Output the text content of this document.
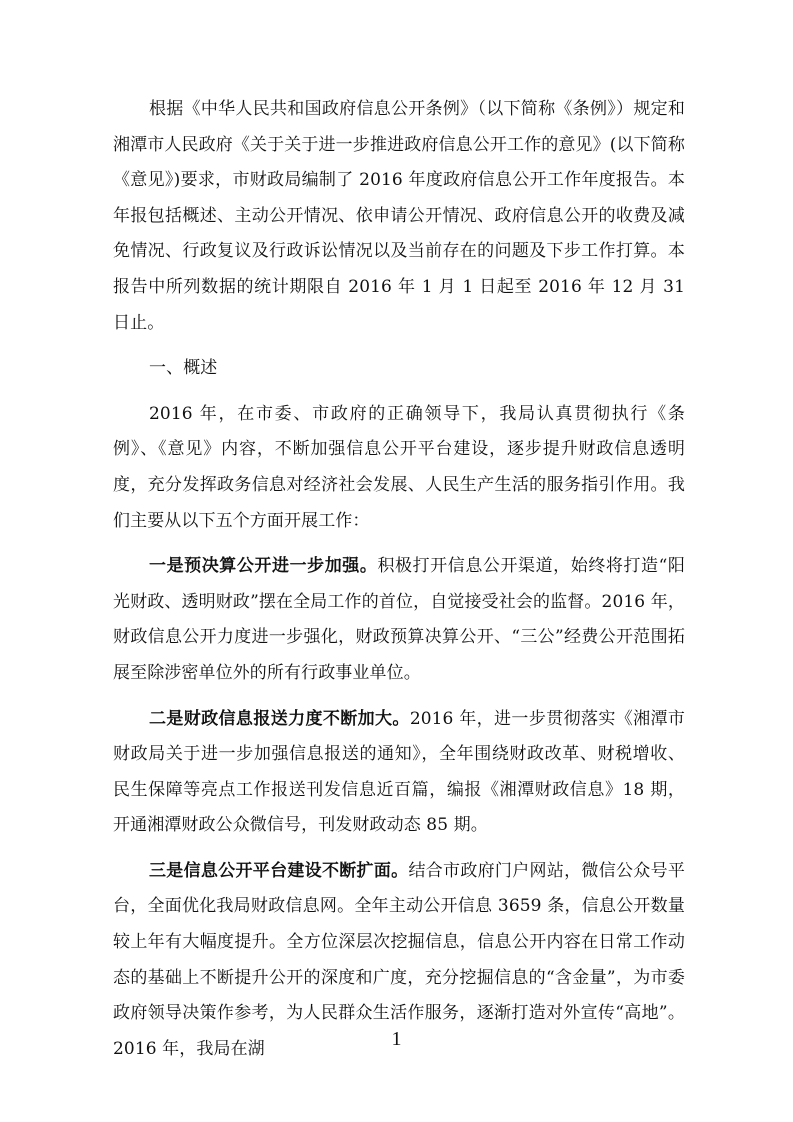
根据《中华人民共和国政府信息公开条例》（以下简称《条例》）规定和湘潭市人民政府《关于关于进一步推进政府信息公开工作的意见》(以下简称《意见》)要求，市财政局编制了 2016 年度政府信息公开工作年度报告。本年报包括概述、主动公开情况、依申请公开情况、政府信息公开的收费及减免情况、行政复议及行政诉讼情况以及当前存在的问题及下步工作打算。本报告中所列数据的统计期限自 2016 年 1 月 1 日起至 2016 年 12 月 31 日止。

一、概述

2016 年，在市委、市政府的正确领导下，我局认真贯彻执行《条例》、《意见》内容，不断加强信息公开平台建设，逐步提升财政信息透明度，充分发挥政务信息对经济社会发展、人民生产生活的服务指引作用。我们主要从以下五个方面开展工作：

一是预决算公开进一步加强。积极打开信息公开渠道，始终将打造“阳光财政、透明财政”摆在全局工作的首位，自觉接受社会的监督。2016 年，财政信息公开力度进一步强化，财政预算决算公开、“三公”经费公开范围拓展至除涉密单位外的所有行政事业单位。

二是财政信息报送力度不断加大。2016 年，进一步贯彻落实《湘潭市财政局关于进一步加强信息报送的通知》，全年围绕财政改革、财税增收、民生保障等亮点工作报送刊发信息近百篇，编报《湘潭财政信息》18 期，开通湘潭财政公众微信号，刊发财政动态 85 期。

三是信息公开平台建设不断扩面。结合市政府门户网站，微信公众号平台，全面优化我局财政信息网。全年主动公开信息 3659 条，信息公开数量较上年有大幅度提升。全方位深层次挖掘信息，信息公开内容在日常工作动态的基础上不断提升公开的深度和广度，充分挖掘信息的“含金量”，为市委政府领导决策作参考，为人民群众生活作服务，逐渐打造对外宣传“高地”。2016 年，我局在湖	1
